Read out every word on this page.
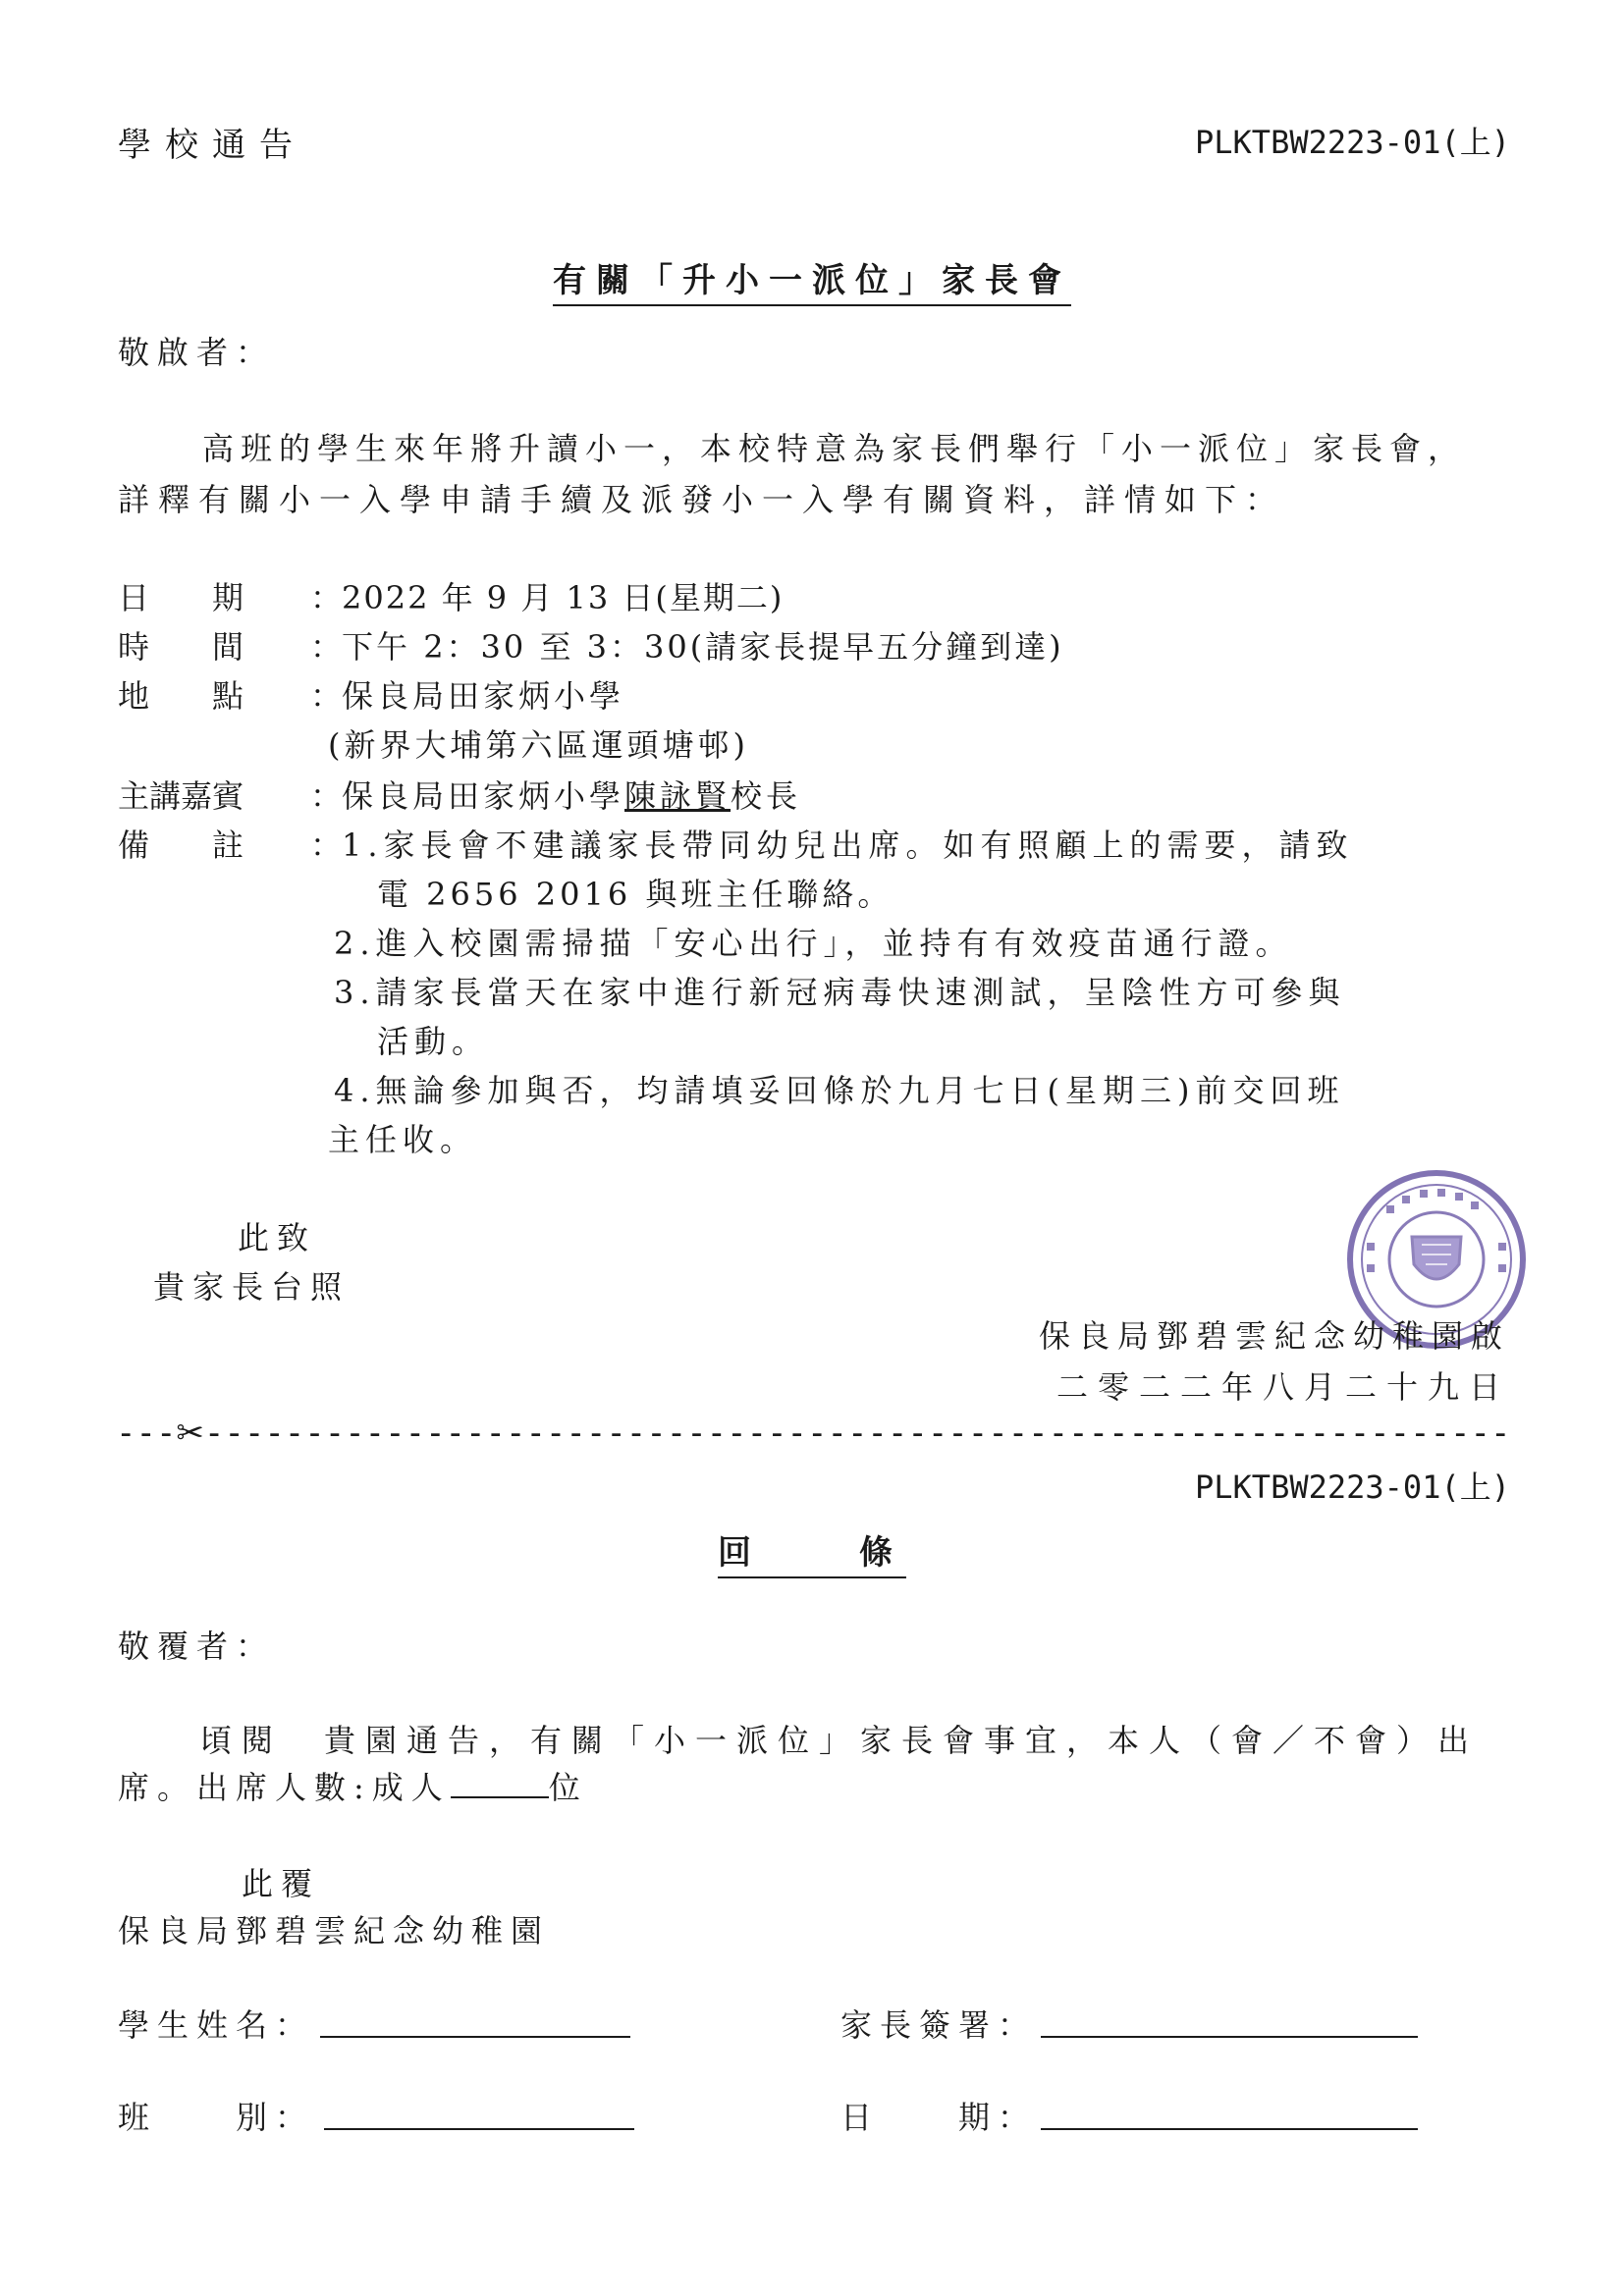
學校通告	PLKTBW2223-01(上)
有關「升小一派位」家長會
敬啟者：
高班的學生來年將升讀小一，本校特意為家長們舉行「小一派位」家長會，
詳釋有關小一入學申請手續及派發小一入學有關資料，詳情如下：
日　　期 ：2022 年 9 月 13 日(星期二)
時　　間 ：下午 2：30 至 3：30(請家長提早五分鐘到達)
地　　點 ：保良局田家炳小學
(新界大埔第六區運頭塘邨)
主講嘉賓 ：保良局田家炳小學陳詠賢校長
備　　註 ：1.家長會不建議家長帶同幼兒出席。如有照顧上的需要，請致
電 2656 2016 與班主任聯絡。
2.進入校園需掃描「安心出行」，並持有有效疫苗通行證。
3.請家長當天在家中進行新冠病毒快速測試，呈陰性方可參與
活動。
4.無論參加與否，均請填妥回條於九月七日(星期三)前交回班
主任收。
此致
貴家長台照
保良局鄧碧雲紀念幼稚園啟
二零二二年八月二十九日
---✂-----------------------------------------------------------------
PLKTBW2223-01(上)
回　　條
敬覆者：
頃閱　貴園通告，有關「小一派位」家長會事宜，本人（會／不會）出
席。出席人數:成人	位
此覆
保良局鄧碧雲紀念幼稚園
學生姓名：	家長簽署：
班　　別：	日　　期：
